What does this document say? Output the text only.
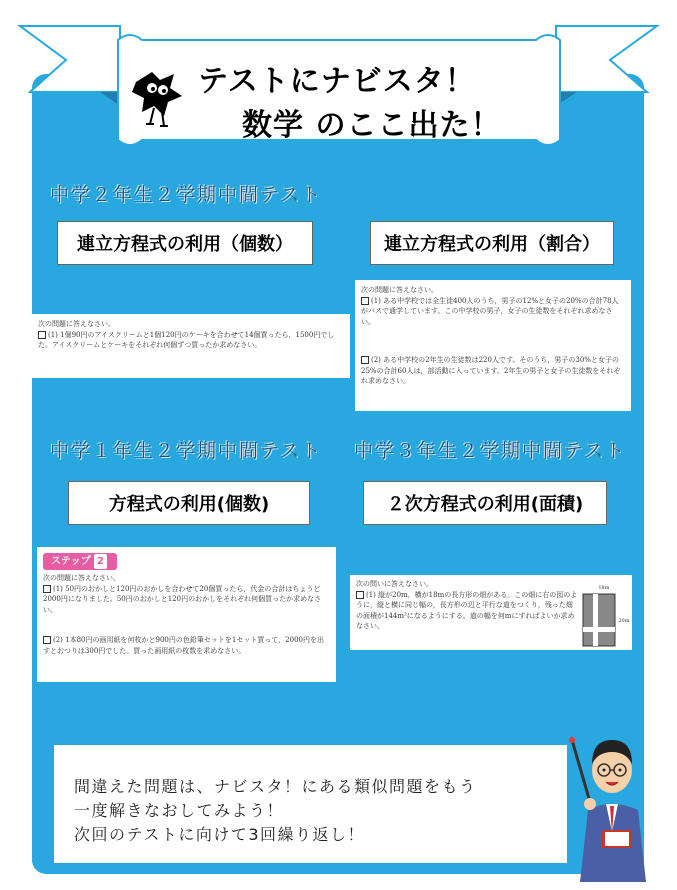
テストにナビスタ！
数学 のここ出た！
中学２年生２学期中間テスト
中学１年生２学期中間テスト 中学３年生２学期中間テスト
連立方程式の利用（個数）	連立方程式の利用（割合）
方程式の利用(個数)	２次方程式の利用(面積)

次の問題に答えなさい。

(1) 1個90円のアイスクリームと1個120円のケーキを合わせて14個買ったら，1500円でした。アイスクリームとケーキをそれぞれ何個ずつ買ったか求めなさい。

次の問題に答えなさい。

(1) ある中学校では全生徒400人のうち，男子の12%と女子の20%の合計78人がバスで通学しています。この中学校の男子，女子の生徒数をそれぞれ求めなさい。

(2) ある中学校の2年生の生徒数は220人です。そのうち，男子の30%と女子の25%の合計60人は，部活動に入っています。2年生の男子と女子の生徒数をそれぞれ求めなさい。

ステップ 2

次の問題に答えなさい。

(1) 50円のおかしと120円のおかしを合わせて20個買ったら，代金の合計はちょうど2000円になりました。50円のおかしと120円のおかしをそれぞれ何個買ったか求めなさい。

(2) 1本80円の画用紙を何枚かと900円の色鉛筆セットを1セット買って，2000円を出すとおつりは300円でした。買った画用紙の枚数を求めなさい。

次の問いに答えなさい。

(1) 縦が20m，横が18mの長方形の畑がある。この畑に右の図のように，縦と横に同じ幅の，長方形の辺と平行な道をつくり，残った畑の面積が144m²になるようにする。道の幅を何mにすればよいか求めなさい。

18m
20m
間違えた問題は、ナビスタ！にある類似問題をもう
一度解きなおしてみよう！
次回のテストに向けて3回繰り返し！
